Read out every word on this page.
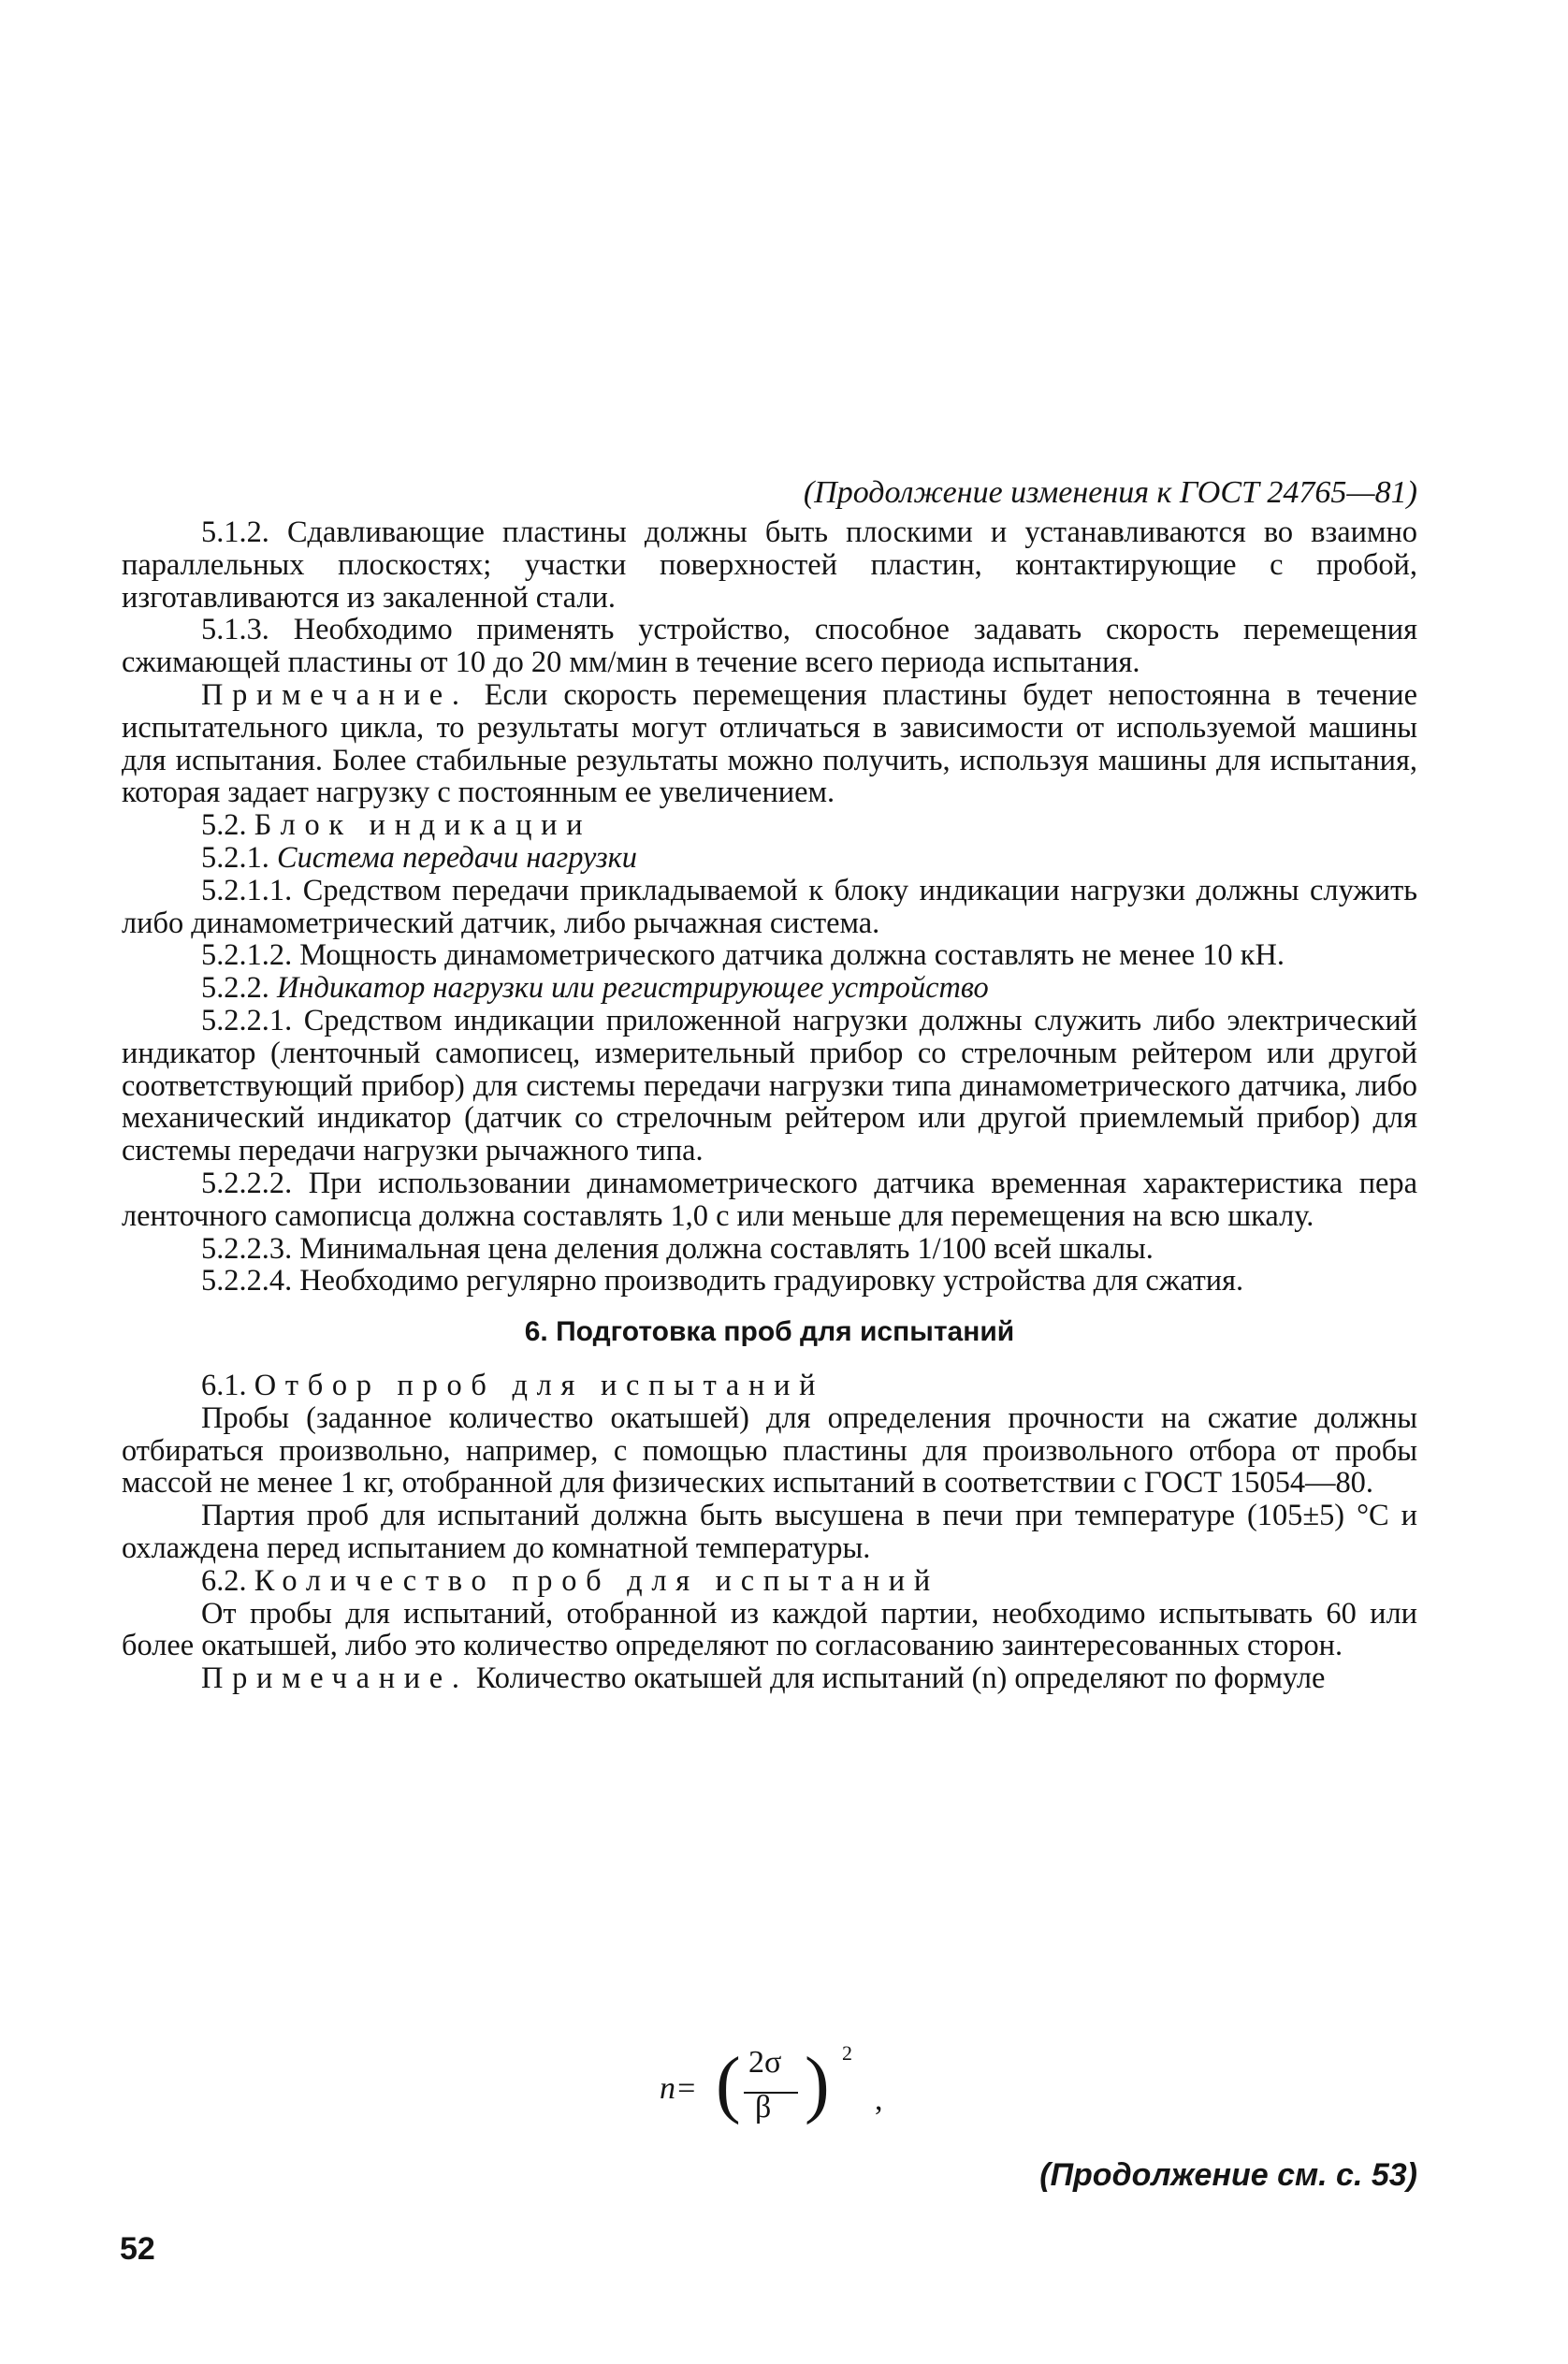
(Продолжение изменения к ГОСТ 24765—81)

5.1.2. Сдавливающие пластины должны быть плоскими и устанавливаются во взаимно параллельных плоскостях; участки поверхностей пластин, контактирующие с пробой, изготавливаются из закаленной стали.

5.1.3. Необходимо применять устройство, способное задавать скорость перемещения сжимающей пластины от 10 до 20 мм/мин в течение всего периода испытания.

Примечание. Если скорость перемещения пластины будет непостоянна в течение испытательного цикла, то результаты могут отличаться в зависимости от используемой машины для испытания. Более стабильные результаты можно получить, используя машины для испытания, которая задает нагрузку с постоянным ее увеличением.

5.2. Блок индикации

5.2.1. Система передачи нагрузки

5.2.1.1. Средством передачи прикладываемой к блоку индикации нагрузки должны служить либо динамометрический датчик, либо рычажная система.

5.2.1.2. Мощность динамометрического датчика должна составлять не менее 10 кН.

5.2.2. Индикатор нагрузки или регистрирующее устройство

5.2.2.1. Средством индикации приложенной нагрузки должны служить либо электрический индикатор (ленточный самописец, измерительный прибор со стрелочным рейтером или другой соответствующий прибор) для системы передачи нагрузки типа динамометрического датчика, либо механический индикатор (датчик со стрелочным рейтером или другой приемлемый прибор) для системы передачи нагрузки рычажного типа.

5.2.2.2. При использовании динамометрического датчика временная характеристика пера ленточного самописца должна составлять 1,0 с или меньше для перемещения на всю шкалу.

5.2.2.3. Минимальная цена деления должна составлять 1/100 всей шкалы.

5.2.2.4. Необходимо регулярно производить градуировку устройства для сжатия.

6. Подготовка проб для испытаний

6.1. Отбор проб для испытаний

Пробы (заданное количество окатышей) для определения прочности на сжатие должны отбираться произвольно, например, с помощью пластины для произвольного отбора от пробы массой не менее 1 кг, отобранной для физических испытаний в соответствии с ГОСТ 15054—80.

Партия проб для испытаний должна быть высушена в печи при температуре (105±5) °С и охлаждена перед испытанием до комнатной температуры.

6.2. Количество проб для испытаний

От пробы для испытаний, отобранной из каждой партии, необходимо испытывать 60 или более окатышей, либо это количество определяют по согласованию заинтересованных сторон.

Примечание. Количество окатышей для испытаний (n) определяют по формуле

n= ( 2σ
β ) 2
,
(Продолжение см. с. 53)
52
